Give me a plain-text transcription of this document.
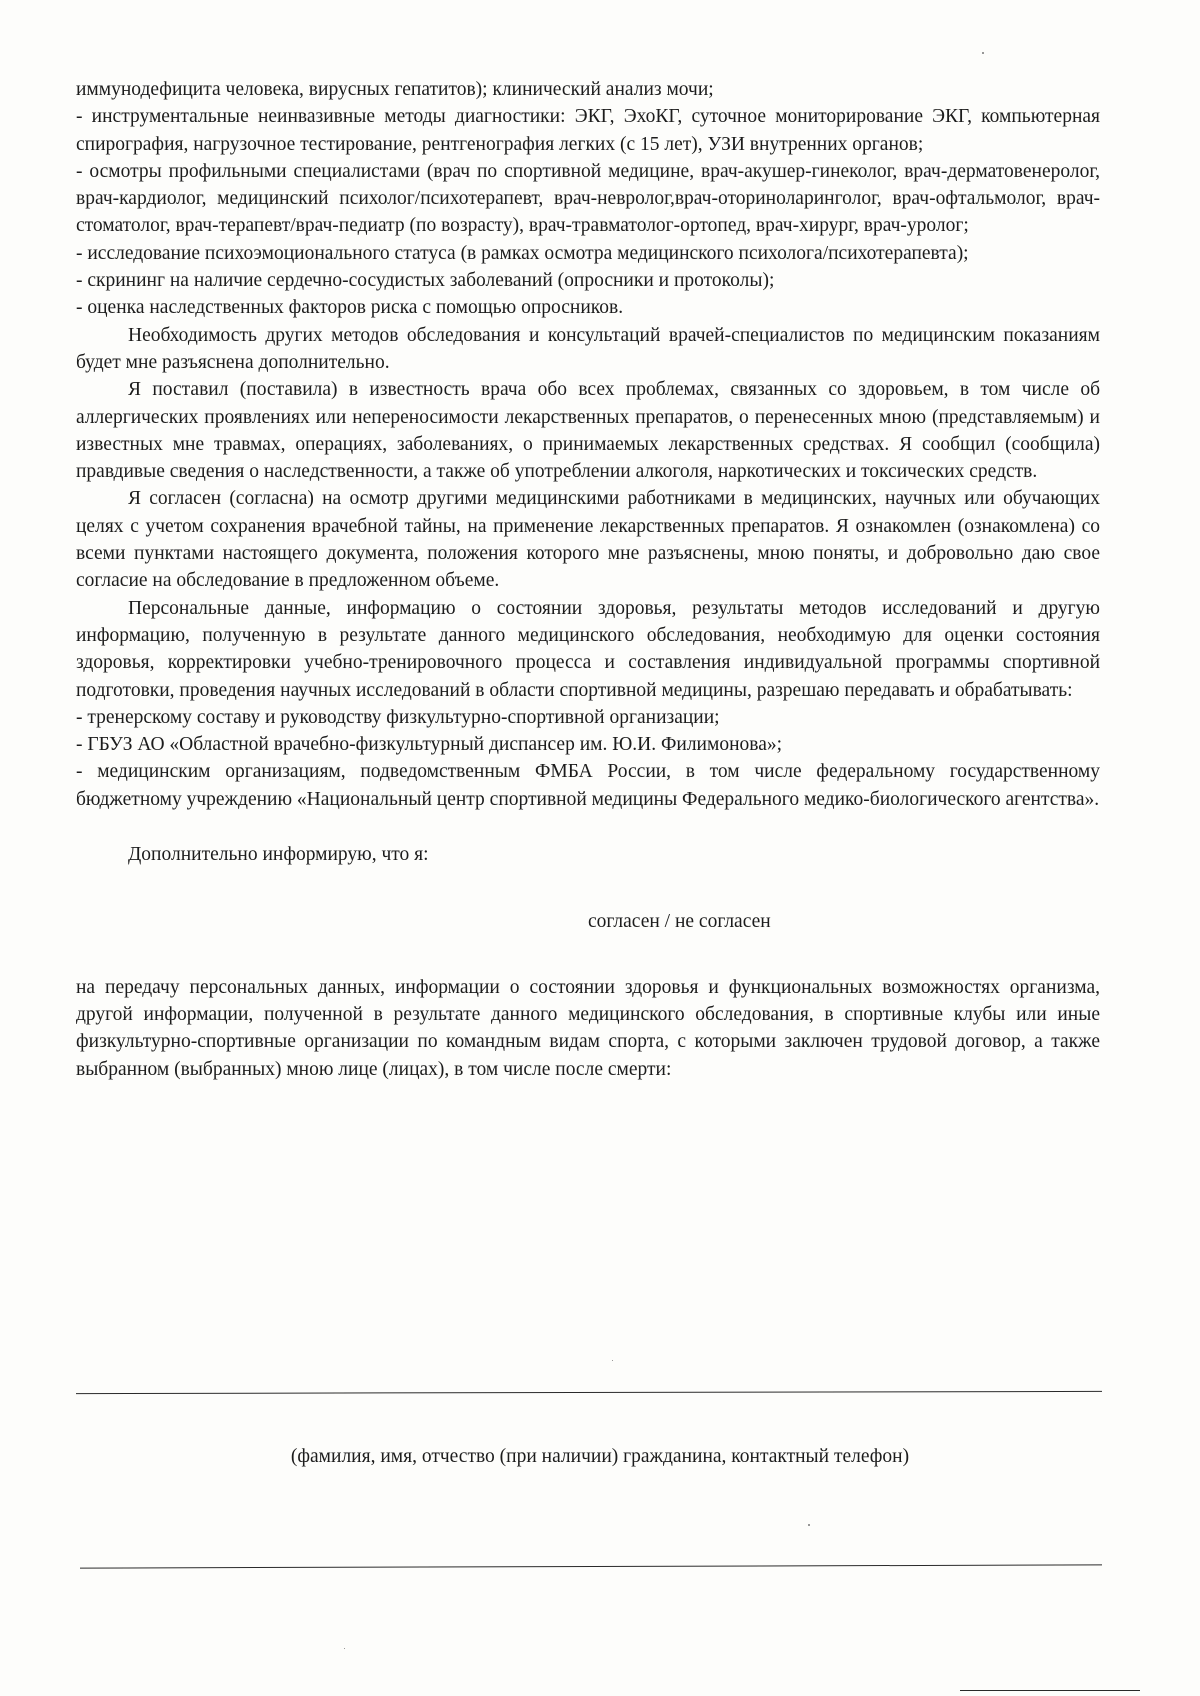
иммунодефицита человека, вирусных гепатитов); клинический анализ мочи;

- инструментальные неинвазивные методы диагностики: ЭКГ, ЭхоКГ, суточное мониторирование ЭКГ, компьютерная спирография, нагрузочное тестирование, рентгенография легких (с 15 лет), УЗИ внутренних органов;

- осмотры профильными специалистами (врач по спортивной медицине, врач-акушер-гинеколог, врач-дерматовенеролог, врач-кардиолог, медицинский психолог/психотерапевт, врач-невролог,врач-оториноларинголог, врач-офтальмолог, врач-стоматолог, врач-терапевт/врач-педиатр (по возрасту), врач-травматолог-ортопед, врач-хирург, врач-уролог;

- исследование психоэмоционального статуса (в рамках осмотра медицинского психолога/психотерапевта);

- скрининг на наличие сердечно-сосудистых заболеваний (опросники и протоколы);

- оценка наследственных факторов риска с помощью опросников.

Необходимость других методов обследования и консультаций врачей-специалистов по медицинским показаниям будет мне разъяснена дополнительно.

Я поставил (поставила) в известность врача обо всех проблемах, связанных со здоровьем, в том числе об аллергических проявлениях или непереносимости лекарственных препаратов, о перенесенных мною (представляемым) и известных мне травмах, операциях, заболеваниях, о принимаемых лекарственных средствах. Я сообщил (сообщила) правдивые сведения о наследственности, а также об употреблении алкоголя, наркотических и токсических средств.

Я согласен (согласна) на осмотр другими медицинскими работниками в медицинских, научных или обучающих целях с учетом сохранения врачебной тайны, на применение лекарственных препаратов. Я ознакомлен (ознакомлена) со всеми пунктами настоящего документа, положения которого мне разъяснены, мною поняты, и добровольно даю свое согласие на обследование в предложенном объеме.

Персональные данные, информацию о состоянии здоровья, результаты методов исследований и другую информацию, полученную в результате данного медицинского обследования, необходимую для оценки состояния здоровья, корректировки учебно-тренировочного процесса и составления индивидуальной программы спортивной подготовки, проведения научных исследований в области спортивной медицины, разрешаю передавать и обрабатывать:

- тренерскому составу и руководству физкультурно-спортивной организации;

- ГБУЗ АО «Областной врачебно-физкультурный диспансер им. Ю.И. Филимонова»;

- медицинским организациям, подведомственным ФМБА России, в том числе федеральному государственному бюджетному учреждению «Национальный центр спортивной медицины Федерального медико-биологического агентства».

Дополнительно информирую, что я:

согласен / не согласен

на передачу персональных данных, информации о состоянии здоровья и функциональных возможностях организма, другой информации, полученной в результате данного медицинского обследования, в спортивные клубы или иные физкультурно-спортивные организации по командным видам спорта, с которыми заключен трудовой договор, а также выбранном (выбранных) мною лице (лицах), в том числе после смерти:

(фамилия, имя, отчество (при наличии) гражданина, контактный телефон)
